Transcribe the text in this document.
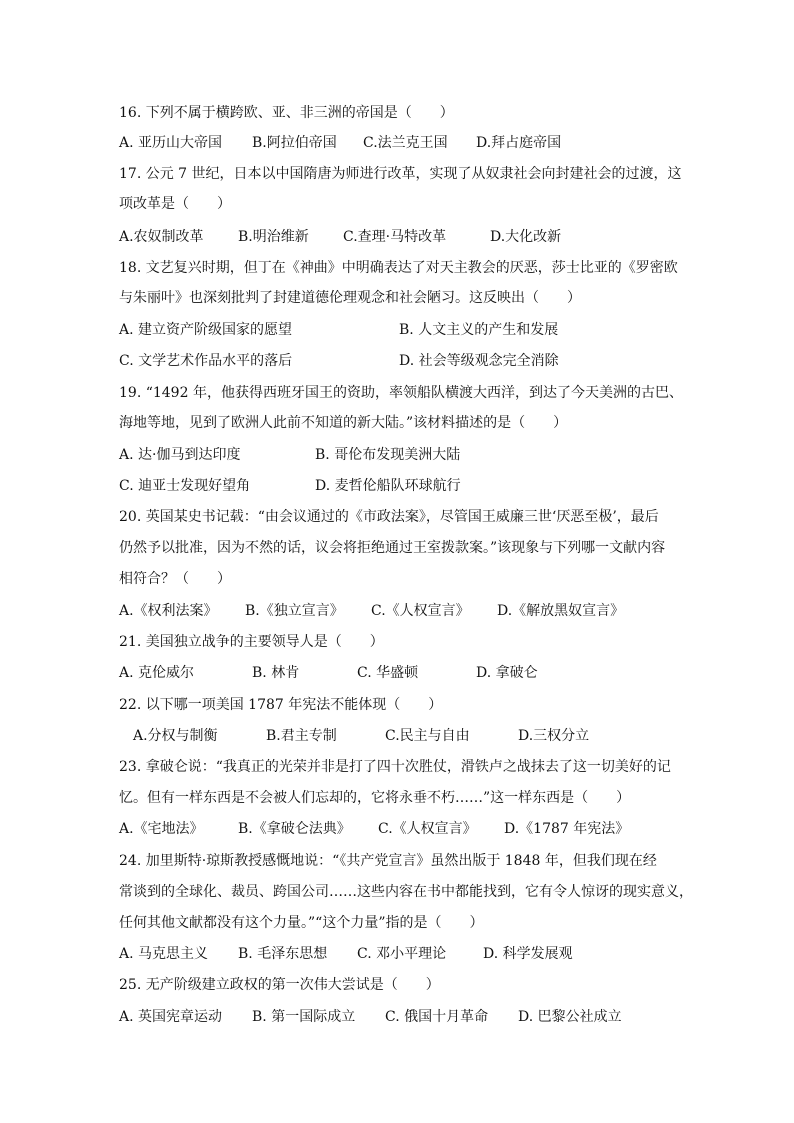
16. 下列不属于横跨欧、亚、非三洲的帝国是（　　）
A. 亚历山大帝国 B.阿拉伯帝国 C.法兰克王国 D.拜占庭帝国
17. 公元 7 世纪，日本以中国隋唐为师进行改革，实现了从奴隶社会向封建社会的过渡，这
项改革是（　　）
A.农奴制改革 B.明治维新 C.查理·马特改革	D.大化改新
18. 文艺复兴时期，但丁在《神曲》中明确表达了对天主教会的厌恶，莎士比亚的《罗密欧
与朱丽叶》也深刻批判了封建道德伦理观念和社会陋习。这反映出（　　）
A. 建立资产阶级国家的愿望	B. 人文主义的产生和发展
C. 文学艺术作品水平的落后	D. 社会等级观念完全消除
19. “1492 年，他获得西班牙国王的资助，率领船队横渡大西洋，到达了今天美洲的古巴、
海地等地，见到了欧洲人此前不知道的新大陆。”该材料描述的是（　　）
A. 达·伽马到达印度	B. 哥伦布发现美洲大陆
C. 迪亚士发现好望角	D. 麦哲伦船队环球航行
20. 英国某史书记载：“由会议通过的《市政法案》，尽管国王威廉三世‘厌恶至极’，最后
仍然予以批准，因为不然的话，议会将拒绝通过王室拨款案。”该现象与下列哪一文献内容
相符合？（　　）
A.《权利法案》 B.《独立宣言》 C.《人权宣言》 D.《解放黑奴宣言》
21. 美国独立战争的主要领导人是（　　）
A. 克伦威尔	B. 林肯	C. 华盛顿	D. 拿破仑
22. 以下哪一项美国 1787 年宪法不能体现（　　）
A.分权与制衡	B.君主专制	C.民主与自由	D.三权分立
23. 拿破仑说：“我真正的光荣并非是打了四十次胜仗，滑铁卢之战抹去了这一切美好的记
忆。但有一样东西是不会被人们忘却的，它将永垂不朽……”这一样东西是（　　）
A.《宅地法》 B.《拿破仑法典》 C.《人权宣言》 D.《1787 年宪法》
24. 加里斯特·琼斯教授感慨地说：“《共产党宣言》虽然出版于 1848 年，但我们现在经
常谈到的全球化、裁员、跨国公司……这些内容在书中都能找到，它有令人惊讶的现实意义，
任何其他文献都没有这个力量。”“这个力量”指的是（　　）
A. 马克思主义 B. 毛泽东思想 C. 邓小平理论	D. 科学发展观
25. 无产阶级建立政权的第一次伟大尝试是（　　）
A. 英国宪章运动 B. 第一国际成立 C. 俄国十月革命 D. 巴黎公社成立
